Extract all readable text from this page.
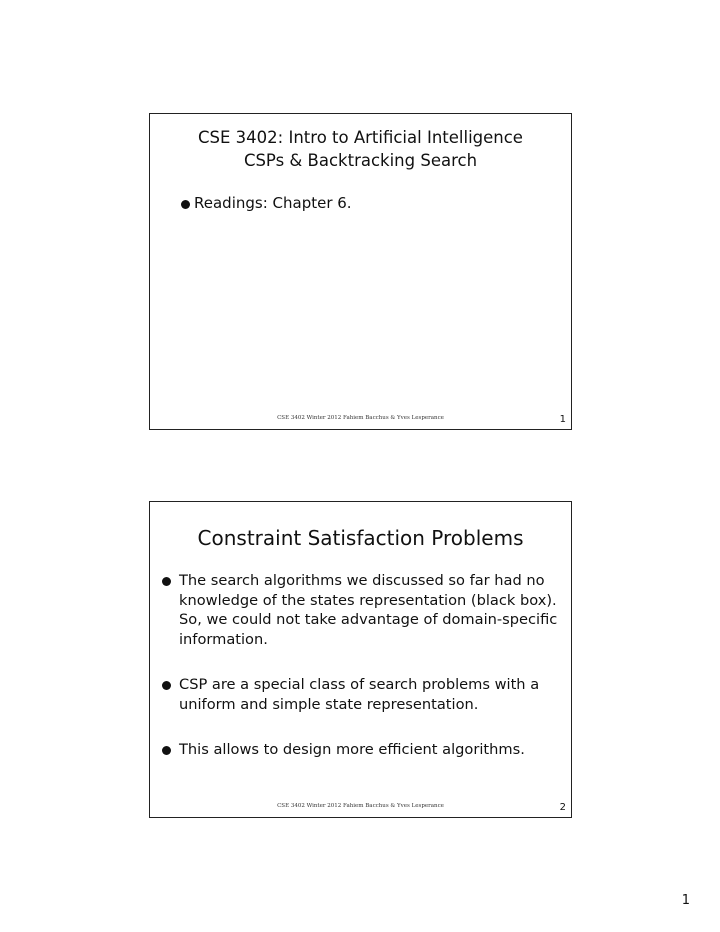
CSE 3402: Intro to Artificial Intelligence
CSPs & Backtracking Search
Readings: Chapter 6.
CSE 3402 Winter 2012 Fahiem Bacchus & Yves Lesperance	1
Constraint Satisfaction Problems
The search algorithms we discussed so far had no knowledge of the states representation (black box). So, we could not take advantage of domain-specific information.
CSP are a special class of search problems with a uniform and simple state representation.
This allows to design more efficient algorithms.
CSE 3402 Winter 2012 Fahiem Bacchus & Yves Lesperance	2
1
